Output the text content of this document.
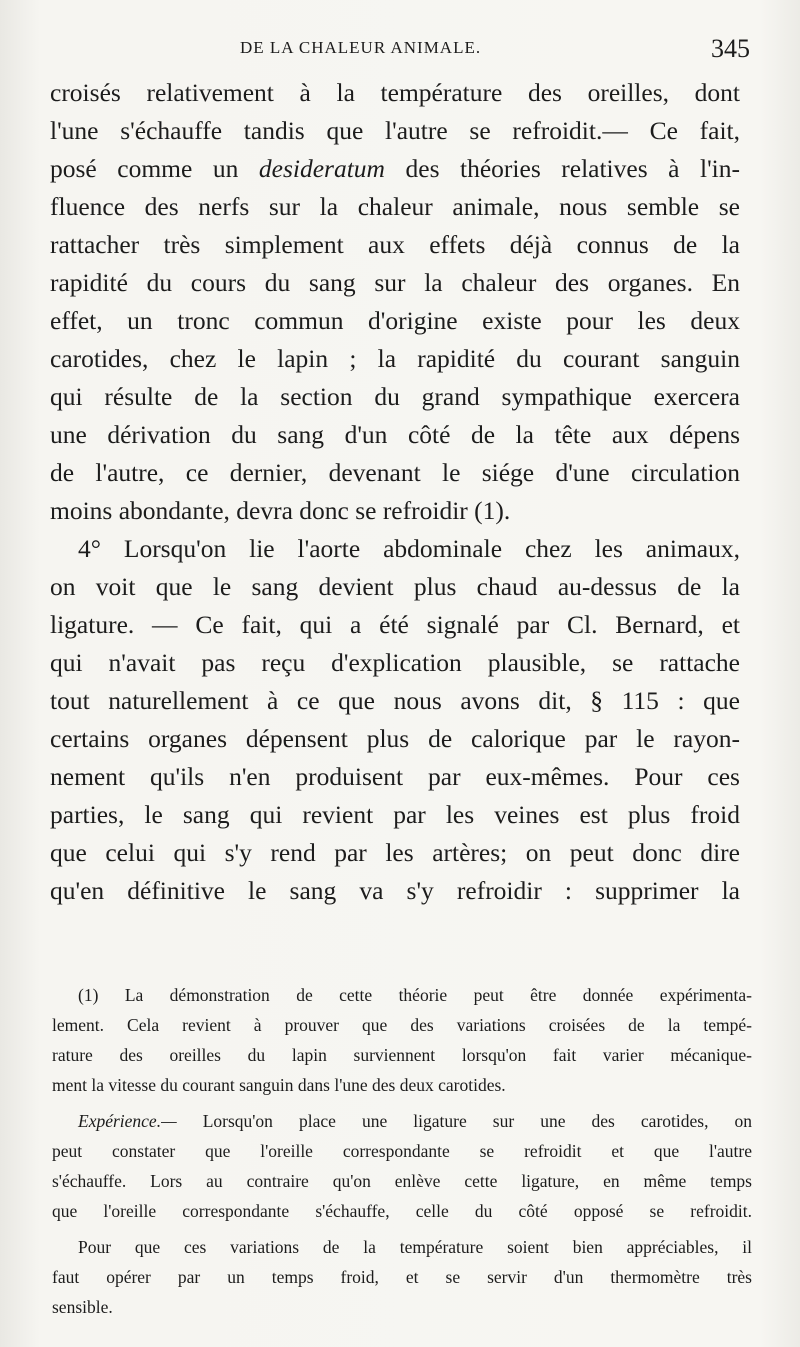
DE LA CHALEUR ANIMALE.	345
croisés relativement à la température des oreilles, dont
l'une s'échauffe tandis que l'autre se refroidit.— Ce fait,
posé comme un desideratum des théories relatives à l'in-
fluence des nerfs sur la chaleur animale, nous semble se
rattacher très simplement aux effets déjà connus de la
rapidité du cours du sang sur la chaleur des organes. En
effet, un tronc commun d'origine existe pour les deux
carotides, chez le lapin ; la rapidité du courant sanguin
qui résulte de la section du grand sympathique exercera
une dérivation du sang d'un côté de la tête aux dépens
de l'autre, ce dernier, devenant le siége d'une circulation
moins abondante, devra donc se refroidir (1).
4° Lorsqu'on lie l'aorte abdominale chez les animaux,
on voit que le sang devient plus chaud au-dessus de la
ligature. — Ce fait, qui a été signalé par Cl. Bernard, et
qui n'avait pas reçu d'explication plausible, se rattache
tout naturellement à ce que nous avons dit, § 115 : que
certains organes dépensent plus de calorique par le rayon-
nement qu'ils n'en produisent par eux-mêmes. Pour ces
parties, le sang qui revient par les veines est plus froid
que celui qui s'y rend par les artères; on peut donc dire
qu'en définitive le sang va s'y refroidir : supprimer la
(1) La démonstration de cette théorie peut être donnée expérimenta-
lement. Cela revient à prouver que des variations croisées de la tempé-
rature des oreilles du lapin surviennent lorsqu'on fait varier mécanique-
ment la vitesse du courant sanguin dans l'une des deux carotides.
Expérience.— Lorsqu'on place une ligature sur une des carotides, on
peut constater que l'oreille correspondante se refroidit et que l'autre
s'échauffe. Lors au contraire qu'on enlève cette ligature, en même temps
que l'oreille correspondante s'échauffe, celle du côté opposé se refroidit.
Pour que ces variations de la température soient bien appréciables, il
faut opérer par un temps froid, et se servir d'un thermomètre très
sensible.
